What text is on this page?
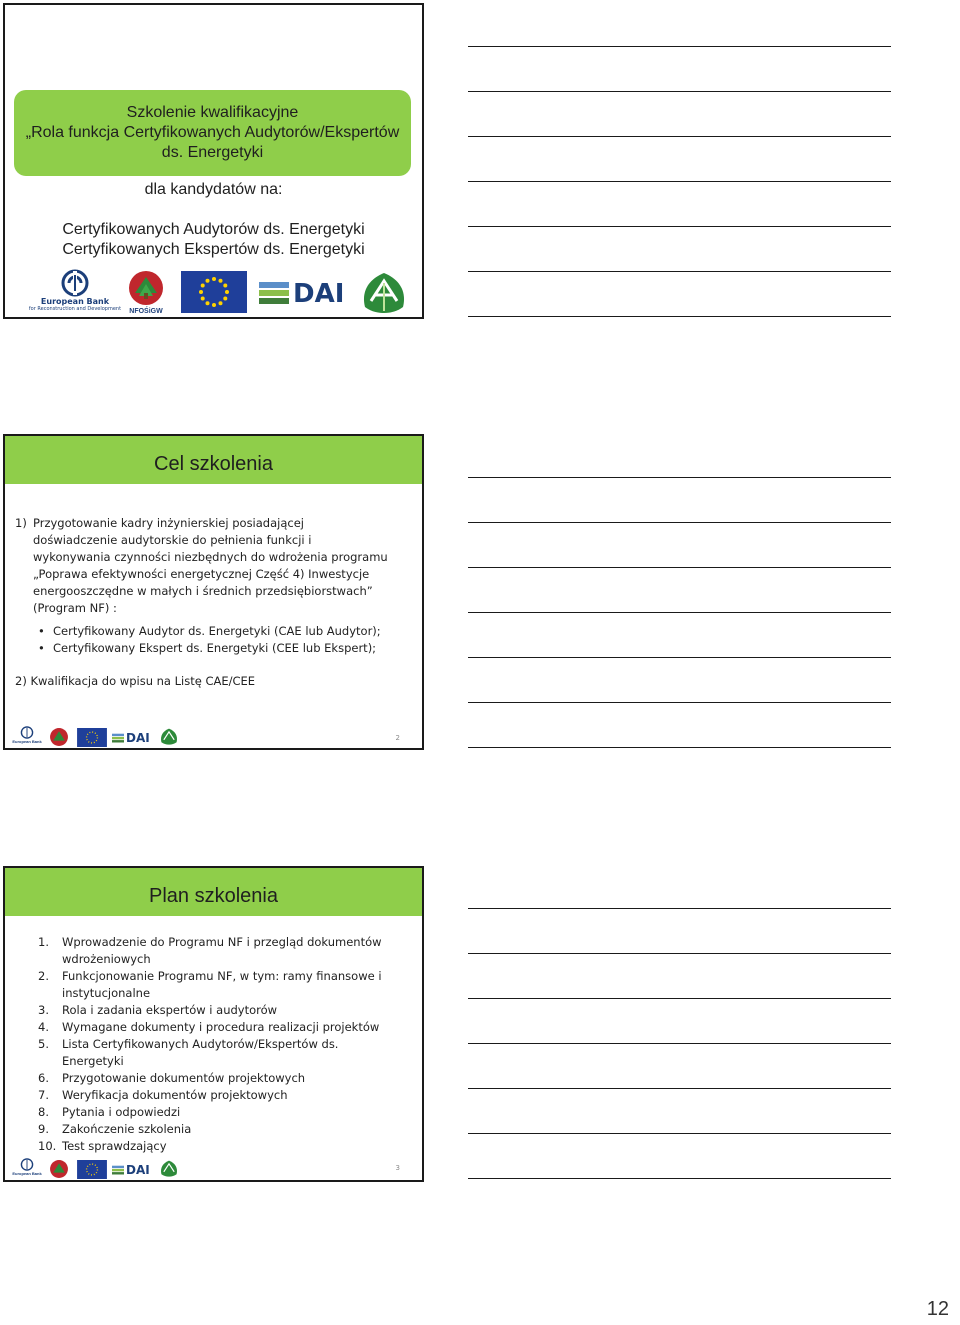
Szkolenie kwalifikacyjne
„Rola funkcja Certyfikowanych Audytorów/Ekspertów
ds. Energetyki
dla kandydatów na:
Certyfikowanych Audytorów ds. Energetyki
Certyfikowanych Ekspertów ds. Energetyki
European Bank
for Reconstruction and Development	NFOŚiGW
DAI
Cel szkolenia
1) Przygotowanie kadry inżynierskiej posiadającej
doświadczenie audytorskie do pełnienia funkcji i
wykonywania czynności niezbędnych do wdrożenia programu
„Poprawa efektywności energetycznej Część 4) Inwestycje
energooszczędne w małych i średnich przedsiębiorstwach”
(Program NF) :
• Certyfikowany Audytor ds. Energetyki (CAE lub Audytor);
• Certyfikowany Ekspert ds. Energetyki (CEE lub Ekspert);
2) Kwalifikacja do wpisu na Listę CAE/CEE
European Bank	DAI	2
Plan szkolenia
1.	Wprowadzenie do Programu NF i przegląd dokumentów
wdrożeniowych
2.	Funkcjonowanie Programu NF, w tym: ramy finansowe i
instytucjonalne
3.	Rola i zadania ekspertów i audytorów
4.	Wymagane dokumenty i procedura realizacji projektów
5.	Lista Certyfikowanych Audytorów/Ekspertów ds.
Energetyki
6.	Przygotowanie dokumentów projektowych
7.	Weryfikacja dokumentów projektowych
8.	Pytania i odpowiedzi
9.	Zakończenie szkolenia
10. Test sprawdzający
European Bank	DAI	3
12
